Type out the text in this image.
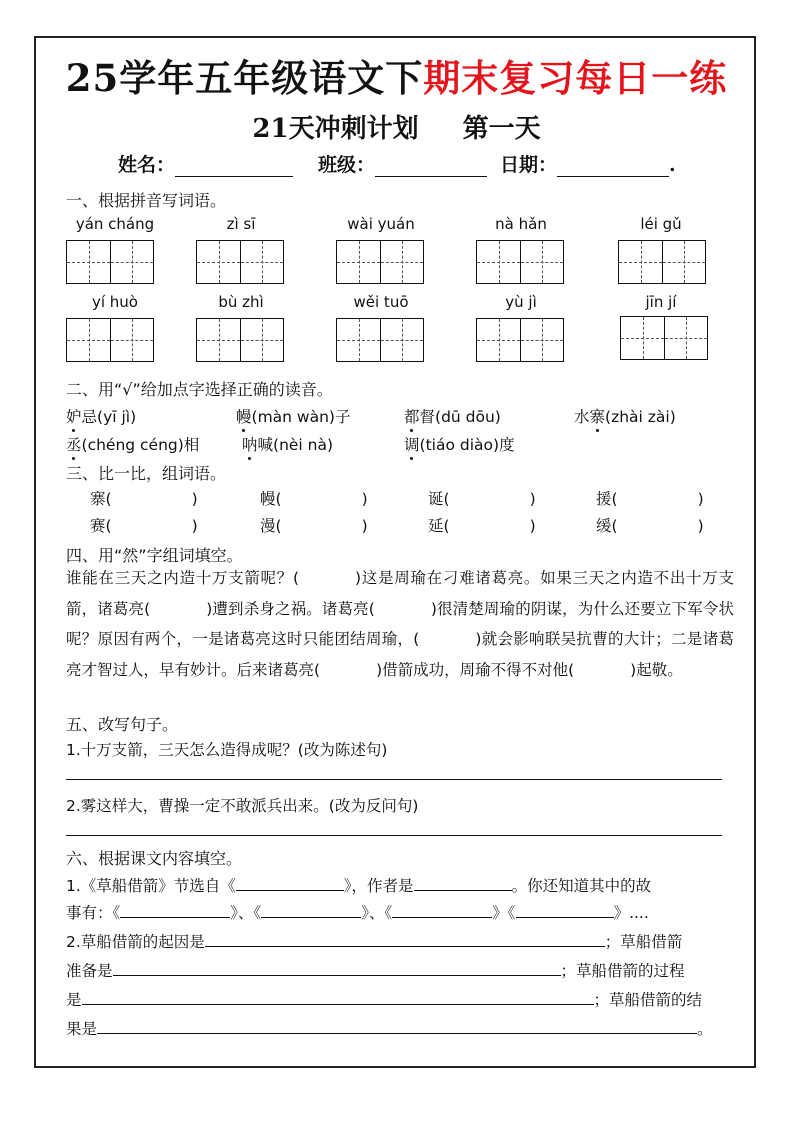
25学年五年级语文下期末复习每日一练
21天冲刺计划 第一天
姓名：	班级：	日期：	.
一、根据拼音写词语。
yán cháng	zì sī	wài yuán	nà hǎn	léi gǔ
yí huò	bù zhì	wěi tuō	yù jì	jīn jí
二、用“√”给加点字选择正确的读音。
妒忌(yī jì)	幔(màn wàn)子	都督(dū dōu)	水寨(zhài zài)
丞(chéng céng)相	呐喊(nèi nà)	调(tiáo diào)度
三、比一比，组词语。
寨(	)	幔(	)	诞(	)	援(	)
赛(	)	漫(	)	延(	)	缓(	)
四、用“然”字组词填空。
谁能在三天之内造十万支箭呢？(	)这是周瑜在刁难诸葛亮。如果三天之内造不出十万支箭，诸葛亮(	)遭到杀身之祸。诸葛亮(	)很清楚周瑜的阴谋，为什么还要立下军令状呢？原因有两个，一是诸葛亮这时只能团结周瑜，(	)就会影响联吴抗曹的大计；二是诸葛亮才智过人，早有妙计。后来诸葛亮(	)借箭成功，周瑜不得不对他(	)起敬。
五、改写句子。
1.十万支箭，三天怎么造得成呢？(改为陈述句)
2.雾这样大，曹操一定不敢派兵出来。(改为反问句)
六、根据课文内容填空。
1.《草船借箭》节选自《	》，作者是	。你还知道其中的故
事有：《	》、《	》、《	》《	》....
2.草船借箭的起因是	；草船借箭
准备是	；草船借箭的过程
是	；草船借箭的结
果是	。
